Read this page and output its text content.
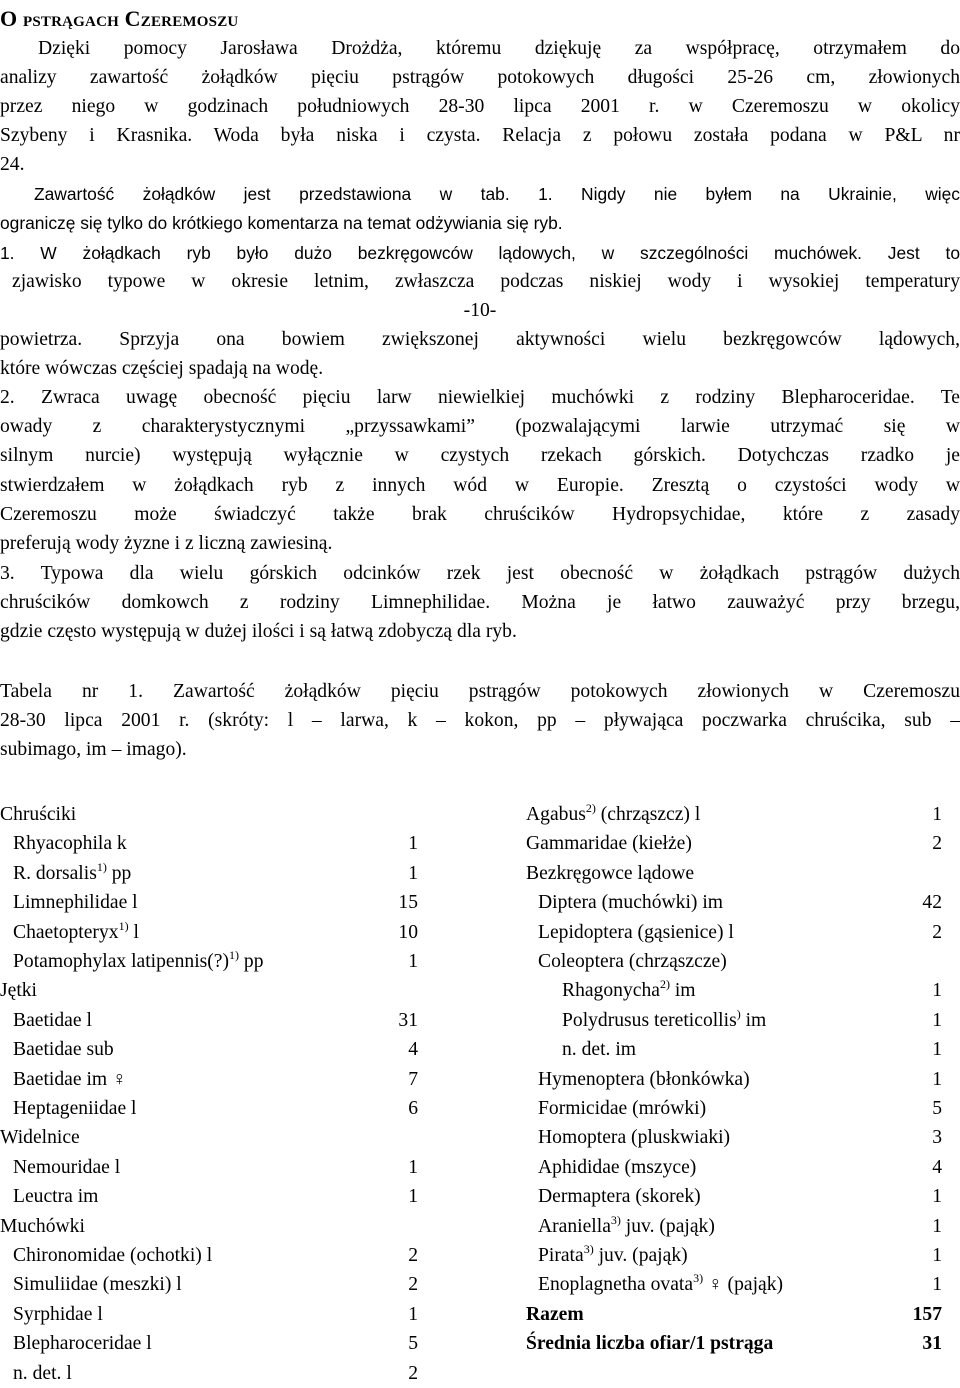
O pstrągach Czeremoszu
Dzięki pomocy Jarosława Drożdża, któremu dziękuję za współpracę, otrzymałem do
analizy zawartość żołądków pięciu pstrągów potokowych długości 25-26 cm, złowionych
przez niego w godzinach południowych 28-30 lipca 2001 r. w Czeremoszu w okolicy
Szybeny i Krasnika. Woda była niska i czysta. Relacja z połowu została podana w P&L nr
24.
Zawartość żołądków jest przedstawiona w tab. 1. Nigdy nie byłem na Ukrainie, więc
ograniczę się tylko do krótkiego komentarza na temat odżywiania się ryb.
1. W żołądkach ryb było dużo bezkręgowców lądowych, w szczególności muchówek. Jest to
zjawisko typowe w okresie letnim, zwłaszcza podczas niskiej wody i wysokiej temperatury
-10-
powietrza. Sprzyja ona bowiem zwiększonej aktywności wielu bezkręgowców lądowych,
które wówczas częściej spadają na wodę.
2. Zwraca uwagę obecność pięciu larw niewielkiej muchówki z rodziny Blepharoceridae. Te
owady z charakterystycznymi „przyssawkami” (pozwalającymi larwie utrzymać się w
silnym nurcie) występują wyłącznie w czystych rzekach górskich. Dotychczas rzadko je
stwierdzałem w żołądkach ryb z innych wód w Europie. Zresztą o czystości wody w
Czeremoszu może świadczyć także brak chruścików Hydropsychidae, które z zasady
preferują wody żyzne i z liczną zawiesiną.
3. Typowa dla wielu górskich odcinków rzek jest obecność w żołądkach pstrągów dużych
chruścików domkowch z rodziny Limnephilidae. Można je łatwo zauważyć przy brzegu,
gdzie często występują w dużej ilości i są łatwą zdobyczą dla ryb.
Tabela nr 1. Zawartość żołądków pięciu pstrągów potokowych złowionych w Czeremoszu
28-30 lipca 2001 r. (skróty: l – larwa, k – kokon, pp – pływająca poczwarka chruścika, sub –
subimago, im – imago).
Chruściki
Rhyacophila k	1
R. dorsalis$^{1)}$ pp	1
Limnephilidae l	15
Chaetopteryx$^{1)}$ l	10
Potamophylax latipennis(?)$^{1)}$ pp	1
Jętki
Baetidae l	31
Baetidae sub	4
Baetidae im ♀	7
Heptageniidae l	6
Widelnice
Nemouridae l	1
Leuctra im	1
Muchówki
Chironomidae (ochotki) l	2
Simuliidae (meszki) l	2
Syrphidae l	1
Blepharoceridae l	5
n. det. l	2
Agabus$^{2)}$ (chrząszcz) l	1
Gammaridae (kiełże)	2
Bezkręgowce lądowe
Diptera (muchówki) im	42
Lepidoptera (gąsienice) l	2
Coleoptera (chrząszcze)
Rhagonycha$^{2)}$ im	1
Polydrusus tereticollis) im	1
n. det. im	1
Hymenoptera (błonkówka)	1
Formicidae (mrówki)	5
Homoptera (pluskwiaki)	3
Aphididae (mszyce)	4
Dermaptera (skorek)	1
Araniella$^{3)}$ juv. (pająk)	1
Pirata$^{3)}$ juv. (pająk)	1
Enoplagnetha ovata$^{3)}$ ♀ (pająk)	1
Razem	157
Średnia liczba ofiar/1 pstrąga	31
